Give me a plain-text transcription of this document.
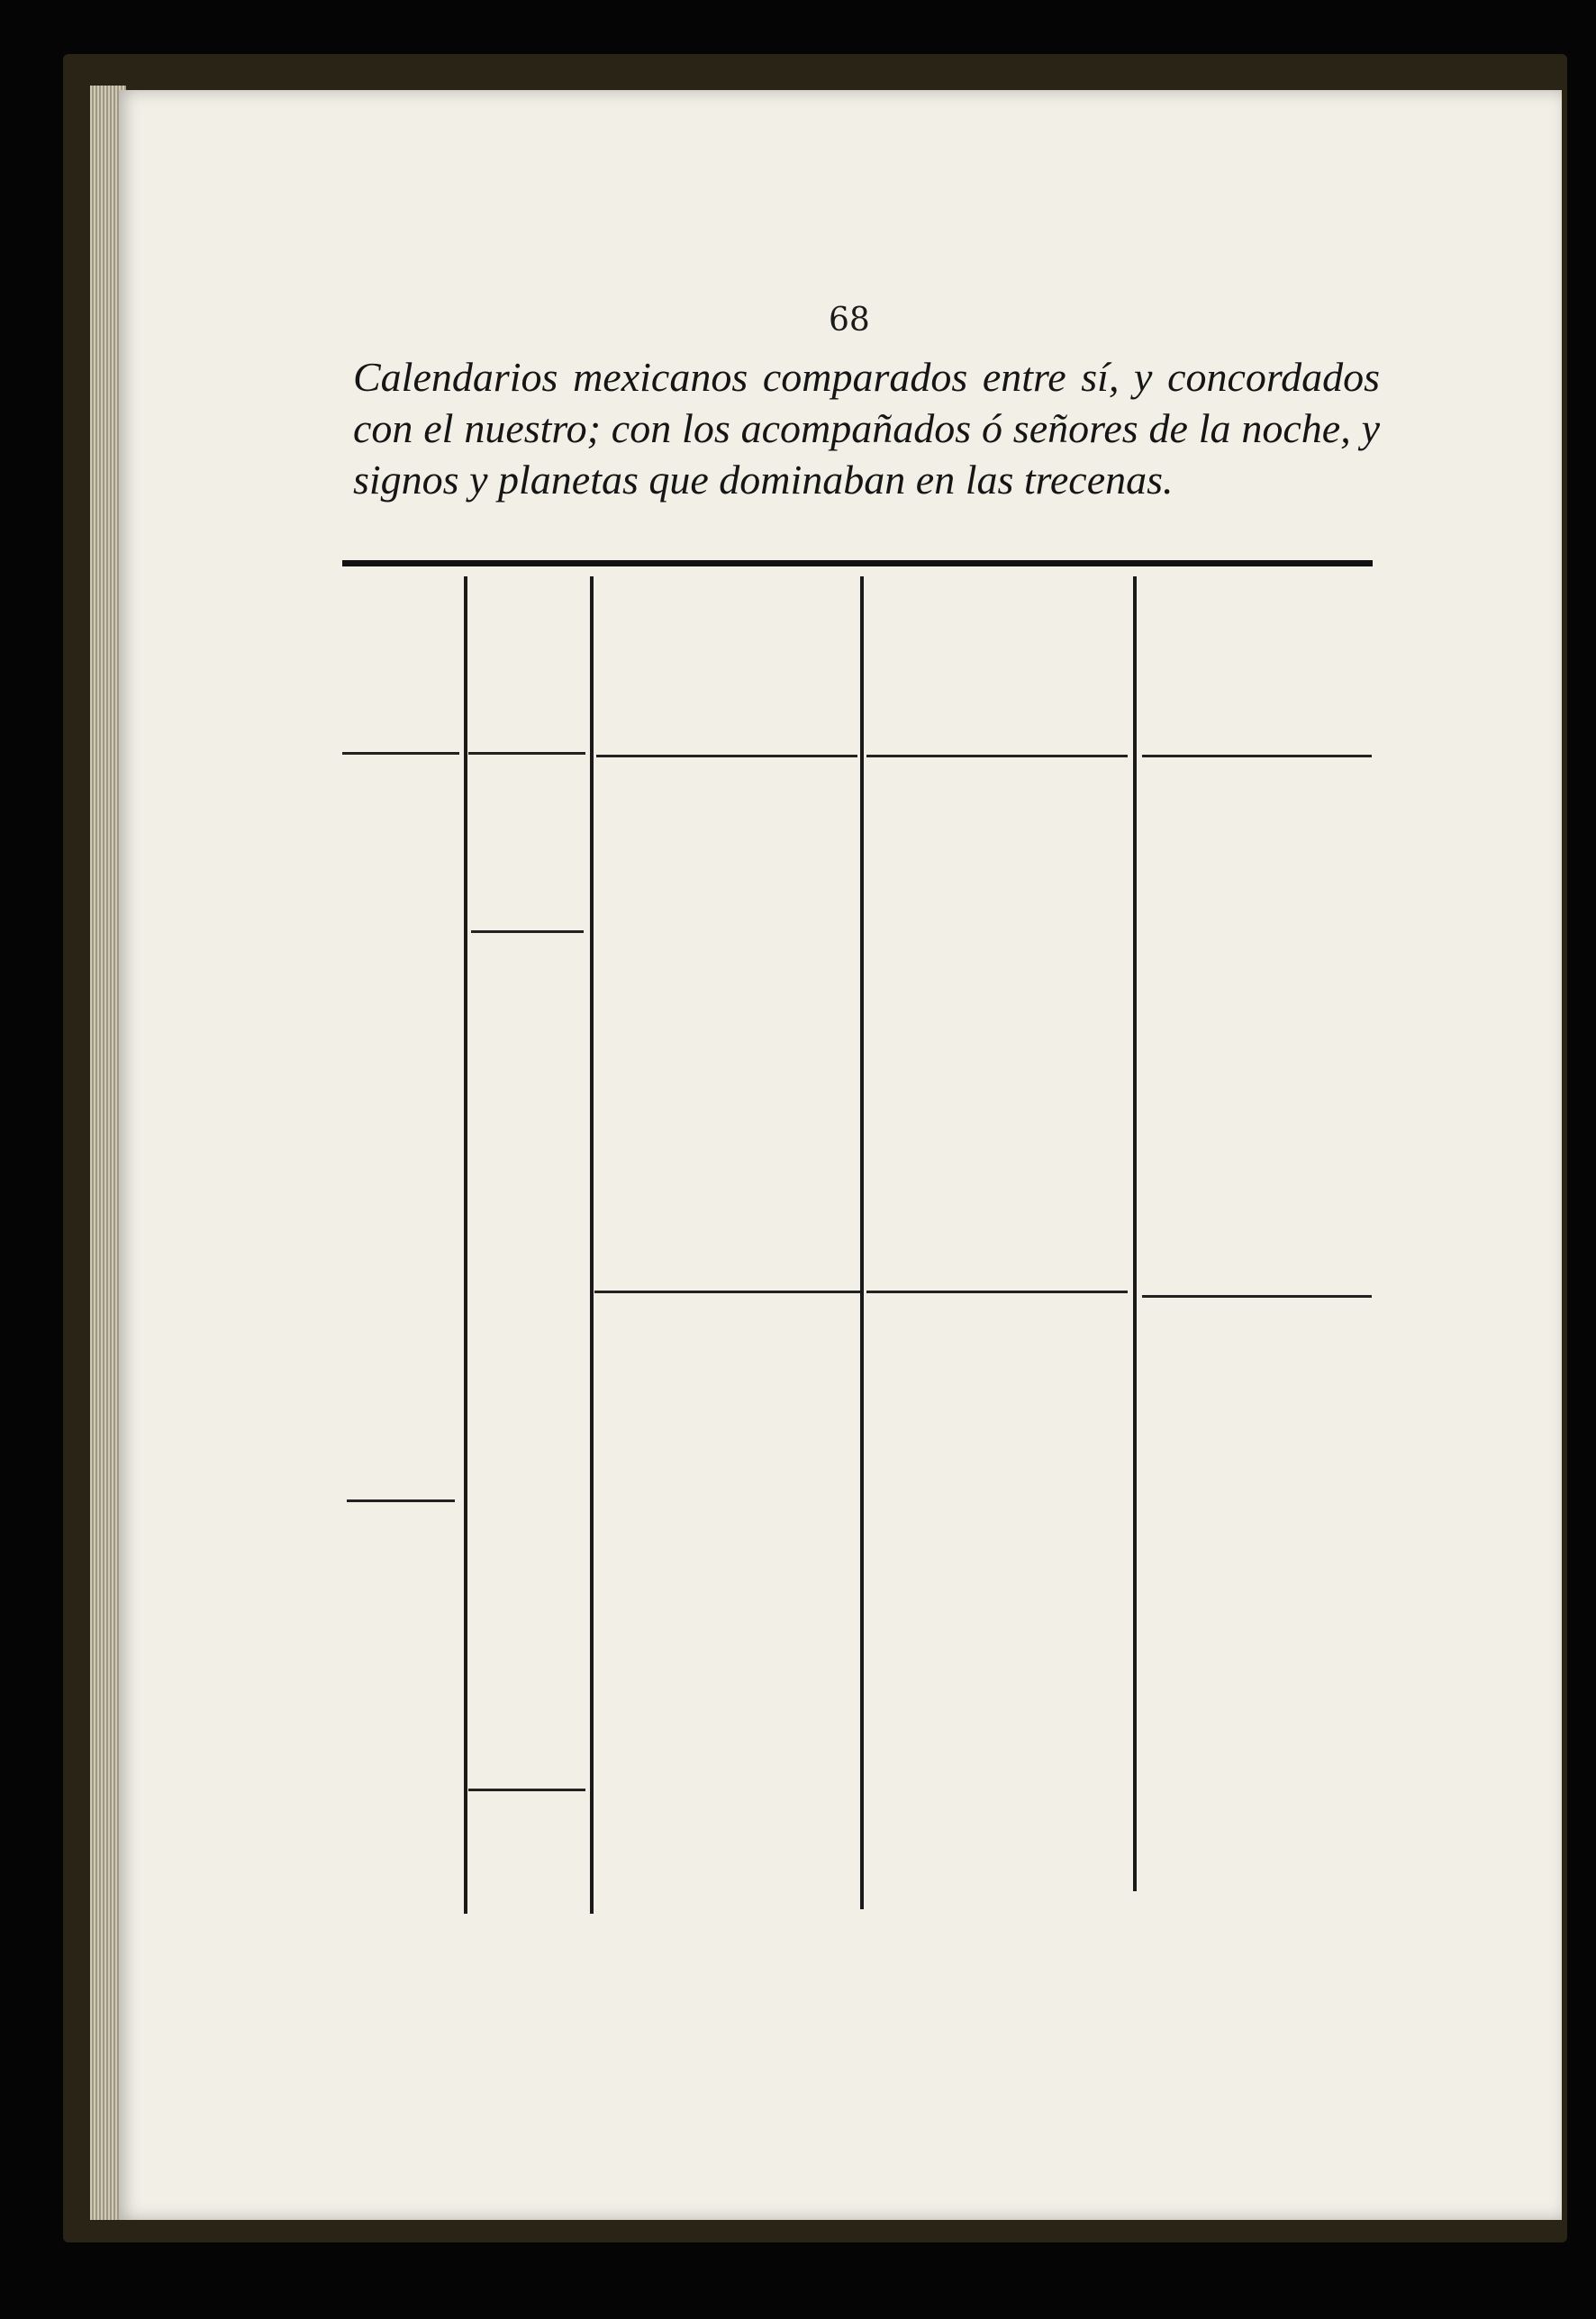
68
Calendarios mexicanos comparados entre sí, y concordados con el nuestro; con los acompañados ó señores de la noche, y signos y planetas que dominaban en las trecenas.
